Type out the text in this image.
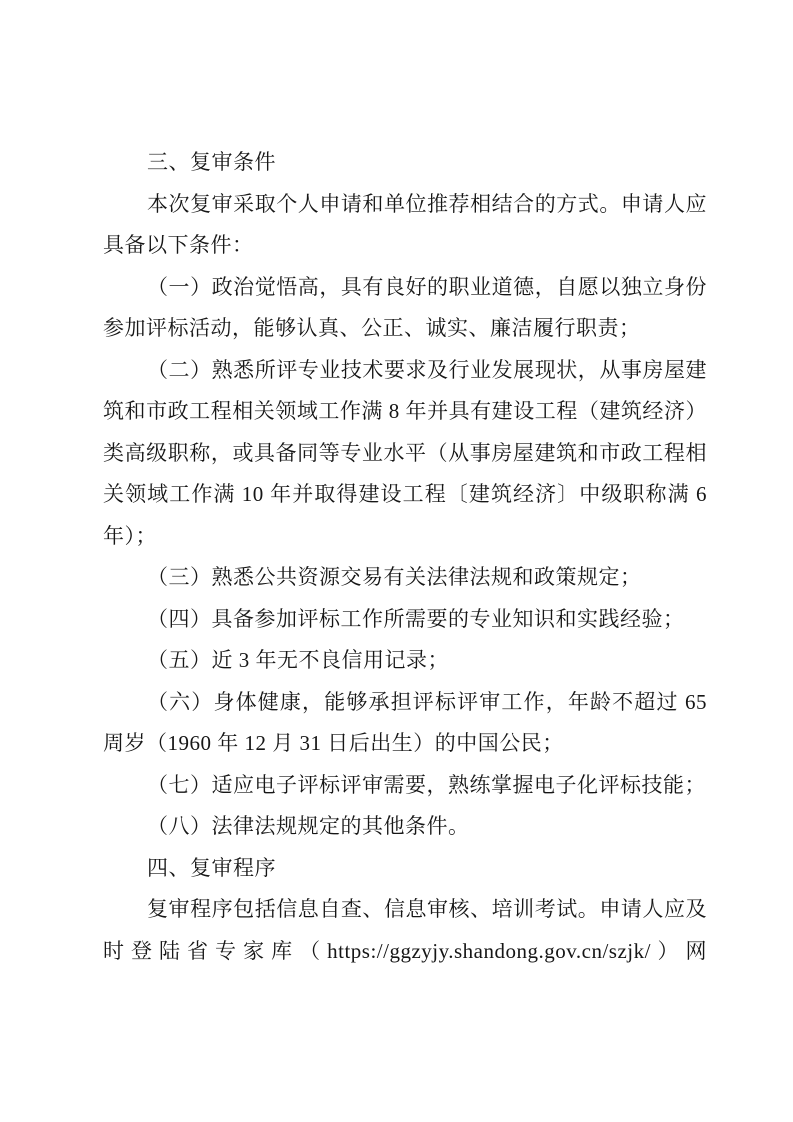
三、复审条件
本次复审采取个人申请和单位推荐相结合的方式。申请人应
具备以下条件：
（一）政治觉悟高，具有良好的职业道德，自愿以独立身份
参加评标活动，能够认真、公正、诚实、廉洁履行职责；
（二）熟悉所评专业技术要求及行业发展现状，从事房屋建
筑和市政工程相关领域工作满 8 年并具有建设工程（建筑经济）
类高级职称，或具备同等专业水平（从事房屋建筑和市政工程相
关领域工作满 10 年并取得建设工程〔建筑经济〕中级职称满 6
年）；
（三）熟悉公共资源交易有关法律法规和政策规定；
（四）具备参加评标工作所需要的专业知识和实践经验；
（五）近 3 年无不良信用记录；
（六）身体健康，能够承担评标评审工作，年龄不超过 65
周岁（1960 年 12 月 31 日后出生）的中国公民；
（七）适应电子评标评审需要，熟练掌握电子化评标技能；
（八）法律法规规定的其他条件。
四、复审程序
复审程序包括信息自查、信息审核、培训考试。申请人应及
时登陆省专家库（https://ggzyjy.shandong.gov.cn/szjk/）网
